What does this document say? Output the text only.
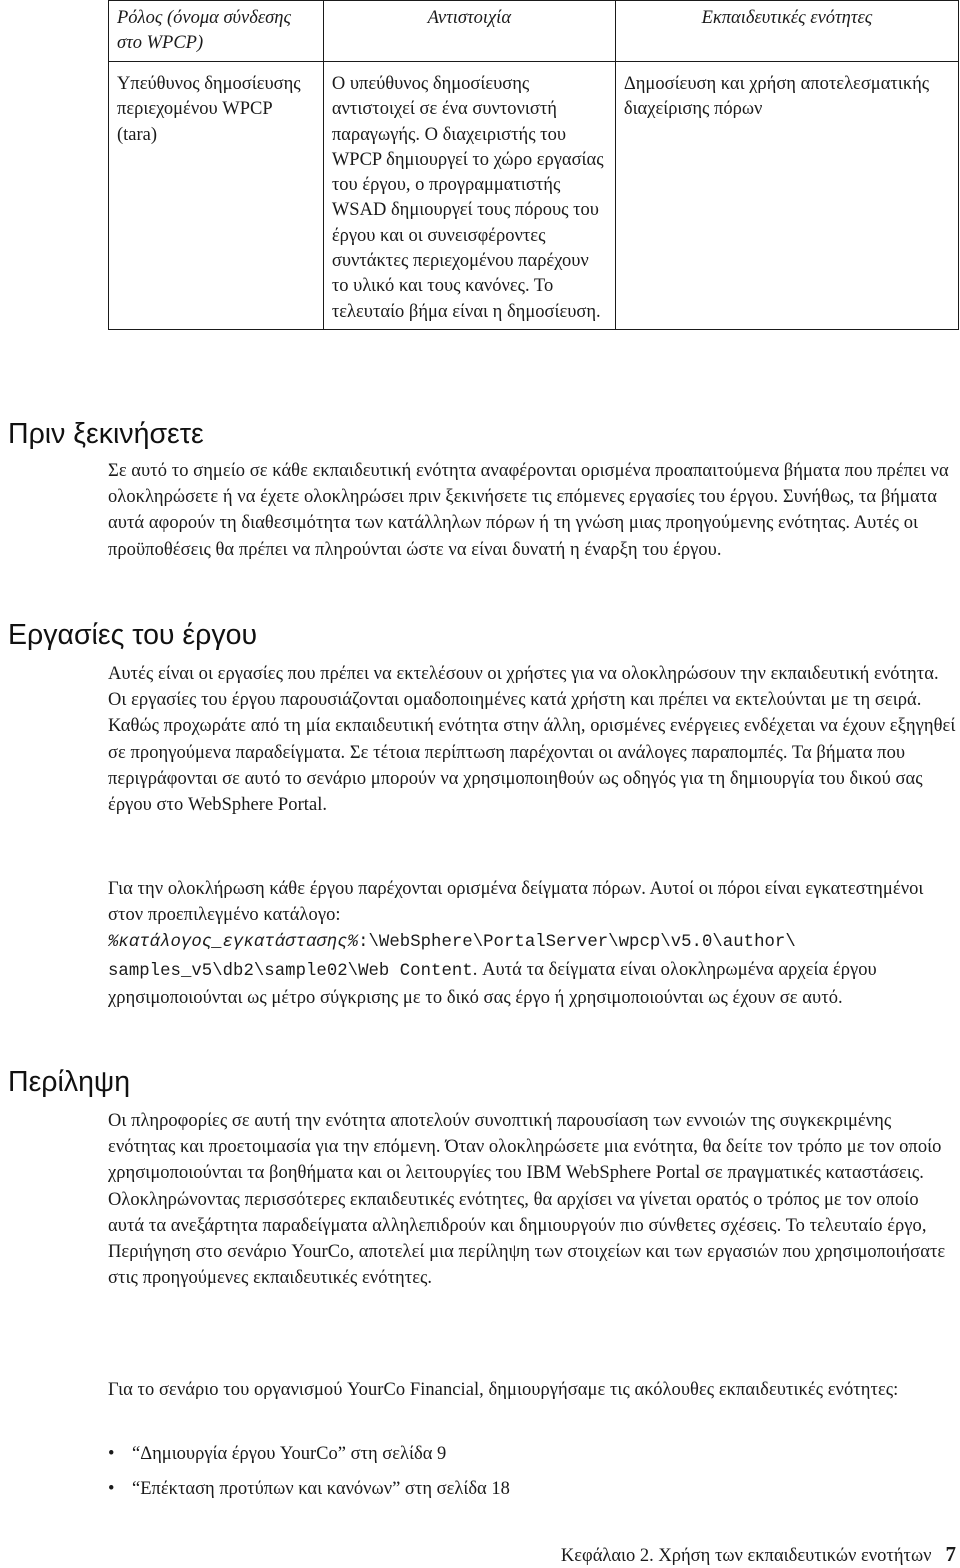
Ρόλος (όνομα σύνδεσης στο WPCP)	Αντιστοιχία	Εκπαιδευτικές ενότητες
Υπεύθυνος δημοσίευσης περιεχομένου WPCP (tara)	Ο υπεύθυνος δημοσίευσης αντιστοιχεί σε ένα συντονιστή παραγωγής. Ο διαχειριστής του WPCP δημιουργεί το χώρο εργασίας του έργου, ο προγραμματιστής WSAD δημιουργεί τους πόρους του έργου και οι συνεισφέροντες συντάκτες περιεχομένου παρέχουν το υλικό και τους κανόνες. Το τελευταίο βήμα είναι η δημοσίευση.	Δημοσίευση και χρήση αποτελεσματικής διαχείρισης πόρων
Πριν ξεκινήσετε

Σε αυτό το σημείο σε κάθε εκπαιδευτική ενότητα αναφέρονται ορισμένα προαπαιτούμενα βήματα που πρέπει να ολοκληρώσετε ή να έχετε ολοκληρώσει πριν ξεκινήσετε τις επόμενες εργασίες του έργου. Συνήθως, τα βήματα αυτά αφορούν τη διαθεσιμότητα των κατάλληλων πόρων ή τη γνώση μιας προηγούμενης ενότητας. Αυτές οι προϋποθέσεις θα πρέπει να πληρούνται ώστε να είναι δυνατή η έναρξη του έργου.

Εργασίες του έργου

Αυτές είναι οι εργασίες που πρέπει να εκτελέσουν οι χρήστες για να ολοκληρώσουν την εκπαιδευτική ενότητα. Οι εργασίες του έργου παρουσιάζονται ομαδοποιημένες κατά χρήστη και πρέπει να εκτελούνται με τη σειρά. Καθώς προχωράτε από τη μία εκπαιδευτική ενότητα στην άλλη, ορισμένες ενέργειες ενδέχεται να έχουν εξηγηθεί σε προηγούμενα παραδείγματα. Σε τέτοια περίπτωση παρέχονται οι ανάλογες παραπομπές. Τα βήματα που περιγράφονται σε αυτό το σενάριο μπορούν να χρησιμοποιηθούν ως οδηγός για τη δημιουργία του δικού σας έργου στο WebSphere Portal.

Για την ολοκλήρωση κάθε έργου παρέχονται ορισμένα δείγματα πόρων. Αυτοί οι πόροι είναι εγκατεστημένοι στον προεπιλεγμένο κατάλογο:
%κατάλογος_εγκατάστασης%:\WebSphere\PortalServer\wpcp\v5.0\author\
samples_v5\db2\sample02\Web Content. Αυτά τα δείγματα είναι ολοκληρωμένα αρχεία έργου χρησιμοποιούνται ως μέτρο σύγκρισης με το δικό σας έργο ή χρησιμοποιούνται ως έχουν σε αυτό.

Περίληψη

Οι πληροφορίες σε αυτή την ενότητα αποτελούν συνοπτική παρουσίαση των εννοιών της συγκεκριμένης ενότητας και προετοιμασία για την επόμενη. Όταν ολοκληρώσετε μια ενότητα, θα δείτε τον τρόπο με τον οποίο χρησιμοποιούνται τα βοηθήματα και οι λειτουργίες του IBM WebSphere Portal σε πραγματικές καταστάσεις. Ολοκληρώνοντας περισσότερες εκπαιδευτικές ενότητες, θα αρχίσει να γίνεται ορατός ο τρόπος με τον οποίο αυτά τα ανεξάρτητα παραδείγματα αλληλεπιδρούν και δημιουργούν πιο σύνθετες σχέσεις. Το τελευταίο έργο, Περιήγηση στο σενάριο YourCo, αποτελεί μια περίληψη των στοιχείων και των εργασιών που χρησιμοποιήσατε στις προηγούμενες εκπαιδευτικές ενότητες.

Για το σενάριο του οργανισμού YourCo Financial, δημιουργήσαμε τις ακόλουθες εκπαιδευτικές ενότητες:

• “Δημιουργία έργου YourCo” στη σελίδα 9
• “Επέκταση προτύπων και κανόνων” στη σελίδα 18
Κεφάλαιο 2. Χρήση των εκπαιδευτικών ενοτήτων 7
